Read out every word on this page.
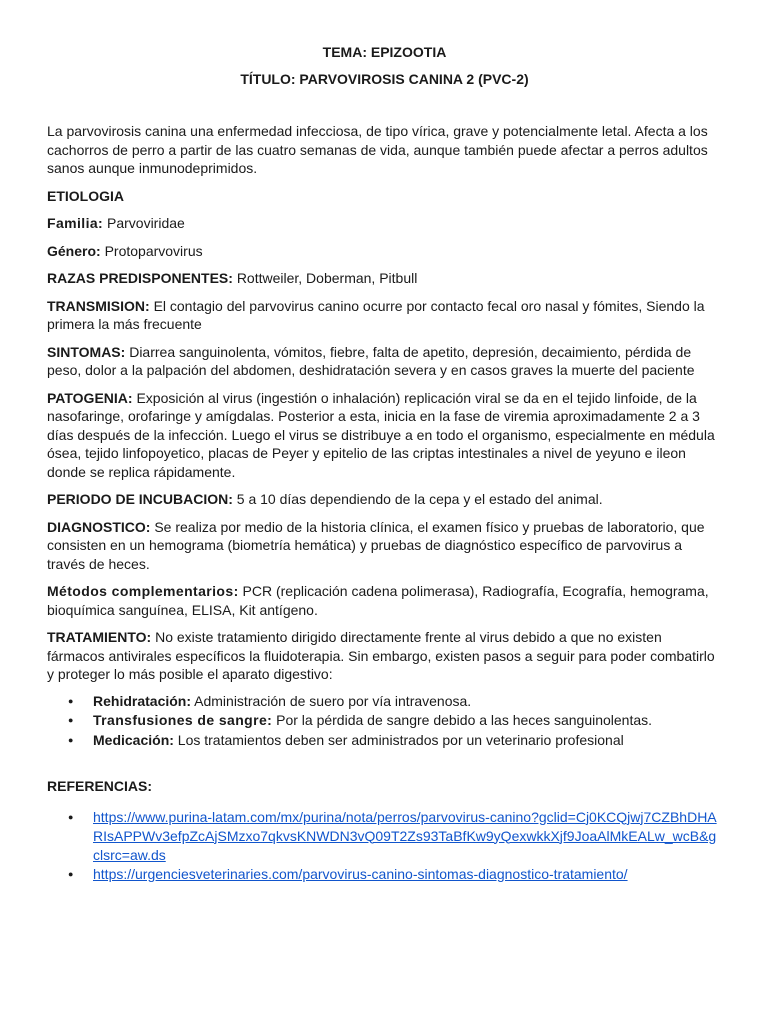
TEMA: EPIZOOTIA

TÍTULO: PARVOVIROSIS CANINA 2 (PVC-2)

La parvovirosis canina una enfermedad infecciosa, de tipo vírica, grave y potencialmente letal. Afecta a los cachorros de perro a partir de las cuatro semanas de vida, aunque también puede afectar a perros adultos sanos aunque inmunodeprimidos.

ETIOLOGIA

Familia: Parvoviridae

Género: Protoparvovirus

RAZAS PREDISPONENTES: Rottweiler, Doberman, Pitbull

TRANSMISION: El contagio del parvovirus canino ocurre por contacto fecal oro nasal y fómites, Siendo la primera la más frecuente

SINTOMAS: Diarrea sanguinolenta, vómitos, fiebre, falta de apetito, depresión, decaimiento, pérdida de peso, dolor a la palpación del abdomen, deshidratación severa y en casos graves la muerte del paciente

PATOGENIA: Exposición al virus (ingestión o inhalación) replicación viral se da en el tejido linfoide, de la nasofaringe, orofaringe y amígdalas. Posterior a esta, inicia en la fase de viremia aproximadamente 2 a 3 días después de la infección. Luego el virus se distribuye a en todo el organismo, especialmente en médula ósea, tejido linfopoyetico, placas de Peyer y epitelio de las criptas intestinales a nivel de yeyuno e ileon donde se replica rápidamente.

PERIODO DE INCUBACION: 5 a 10 días dependiendo de la cepa y el estado del animal.

DIAGNOSTICO: Se realiza por medio de la historia clínica, el examen físico y pruebas de laboratorio, que consisten en un hemograma (biometría hemática) y pruebas de diagnóstico específico de parvovirus a través de heces.

Métodos complementarios: PCR (replicación cadena polimerasa), Radiografía, Ecografía, hemograma, bioquímica sanguínea, ELISA, Kit antígeno.

TRATAMIENTO: No existe tratamiento dirigido directamente frente al virus debido a que no existen fármacos antivirales específicos la fluidoterapia. Sin embargo, existen pasos a seguir para poder combatirlo y proteger lo más posible el aparato digestivo:

● Rehidratación: Administración de suero por vía intravenosa.
● Transfusiones de sangre: Por la pérdida de sangre debido a las heces sanguinolentas.
● Medicación: Los tratamientos deben ser administrados por un veterinario profesional

REFERENCIAS:

● https://www.purina-latam.com/mx/purina/nota/perros/parvovirus-canino?gclid=Cj0KCQjwj7CZBhDHARIsAPPWv3efpZcAjSMzxo7qkvsKNWDN3vQ09T2Zs93TaBfKw9yQexwkkXjf9JoaAlMkEALw_wcB&gclsrc=aw.ds
● https://urgenciesveterinaries.com/parvovirus-canino-sintomas-diagnostico-tratamiento/
